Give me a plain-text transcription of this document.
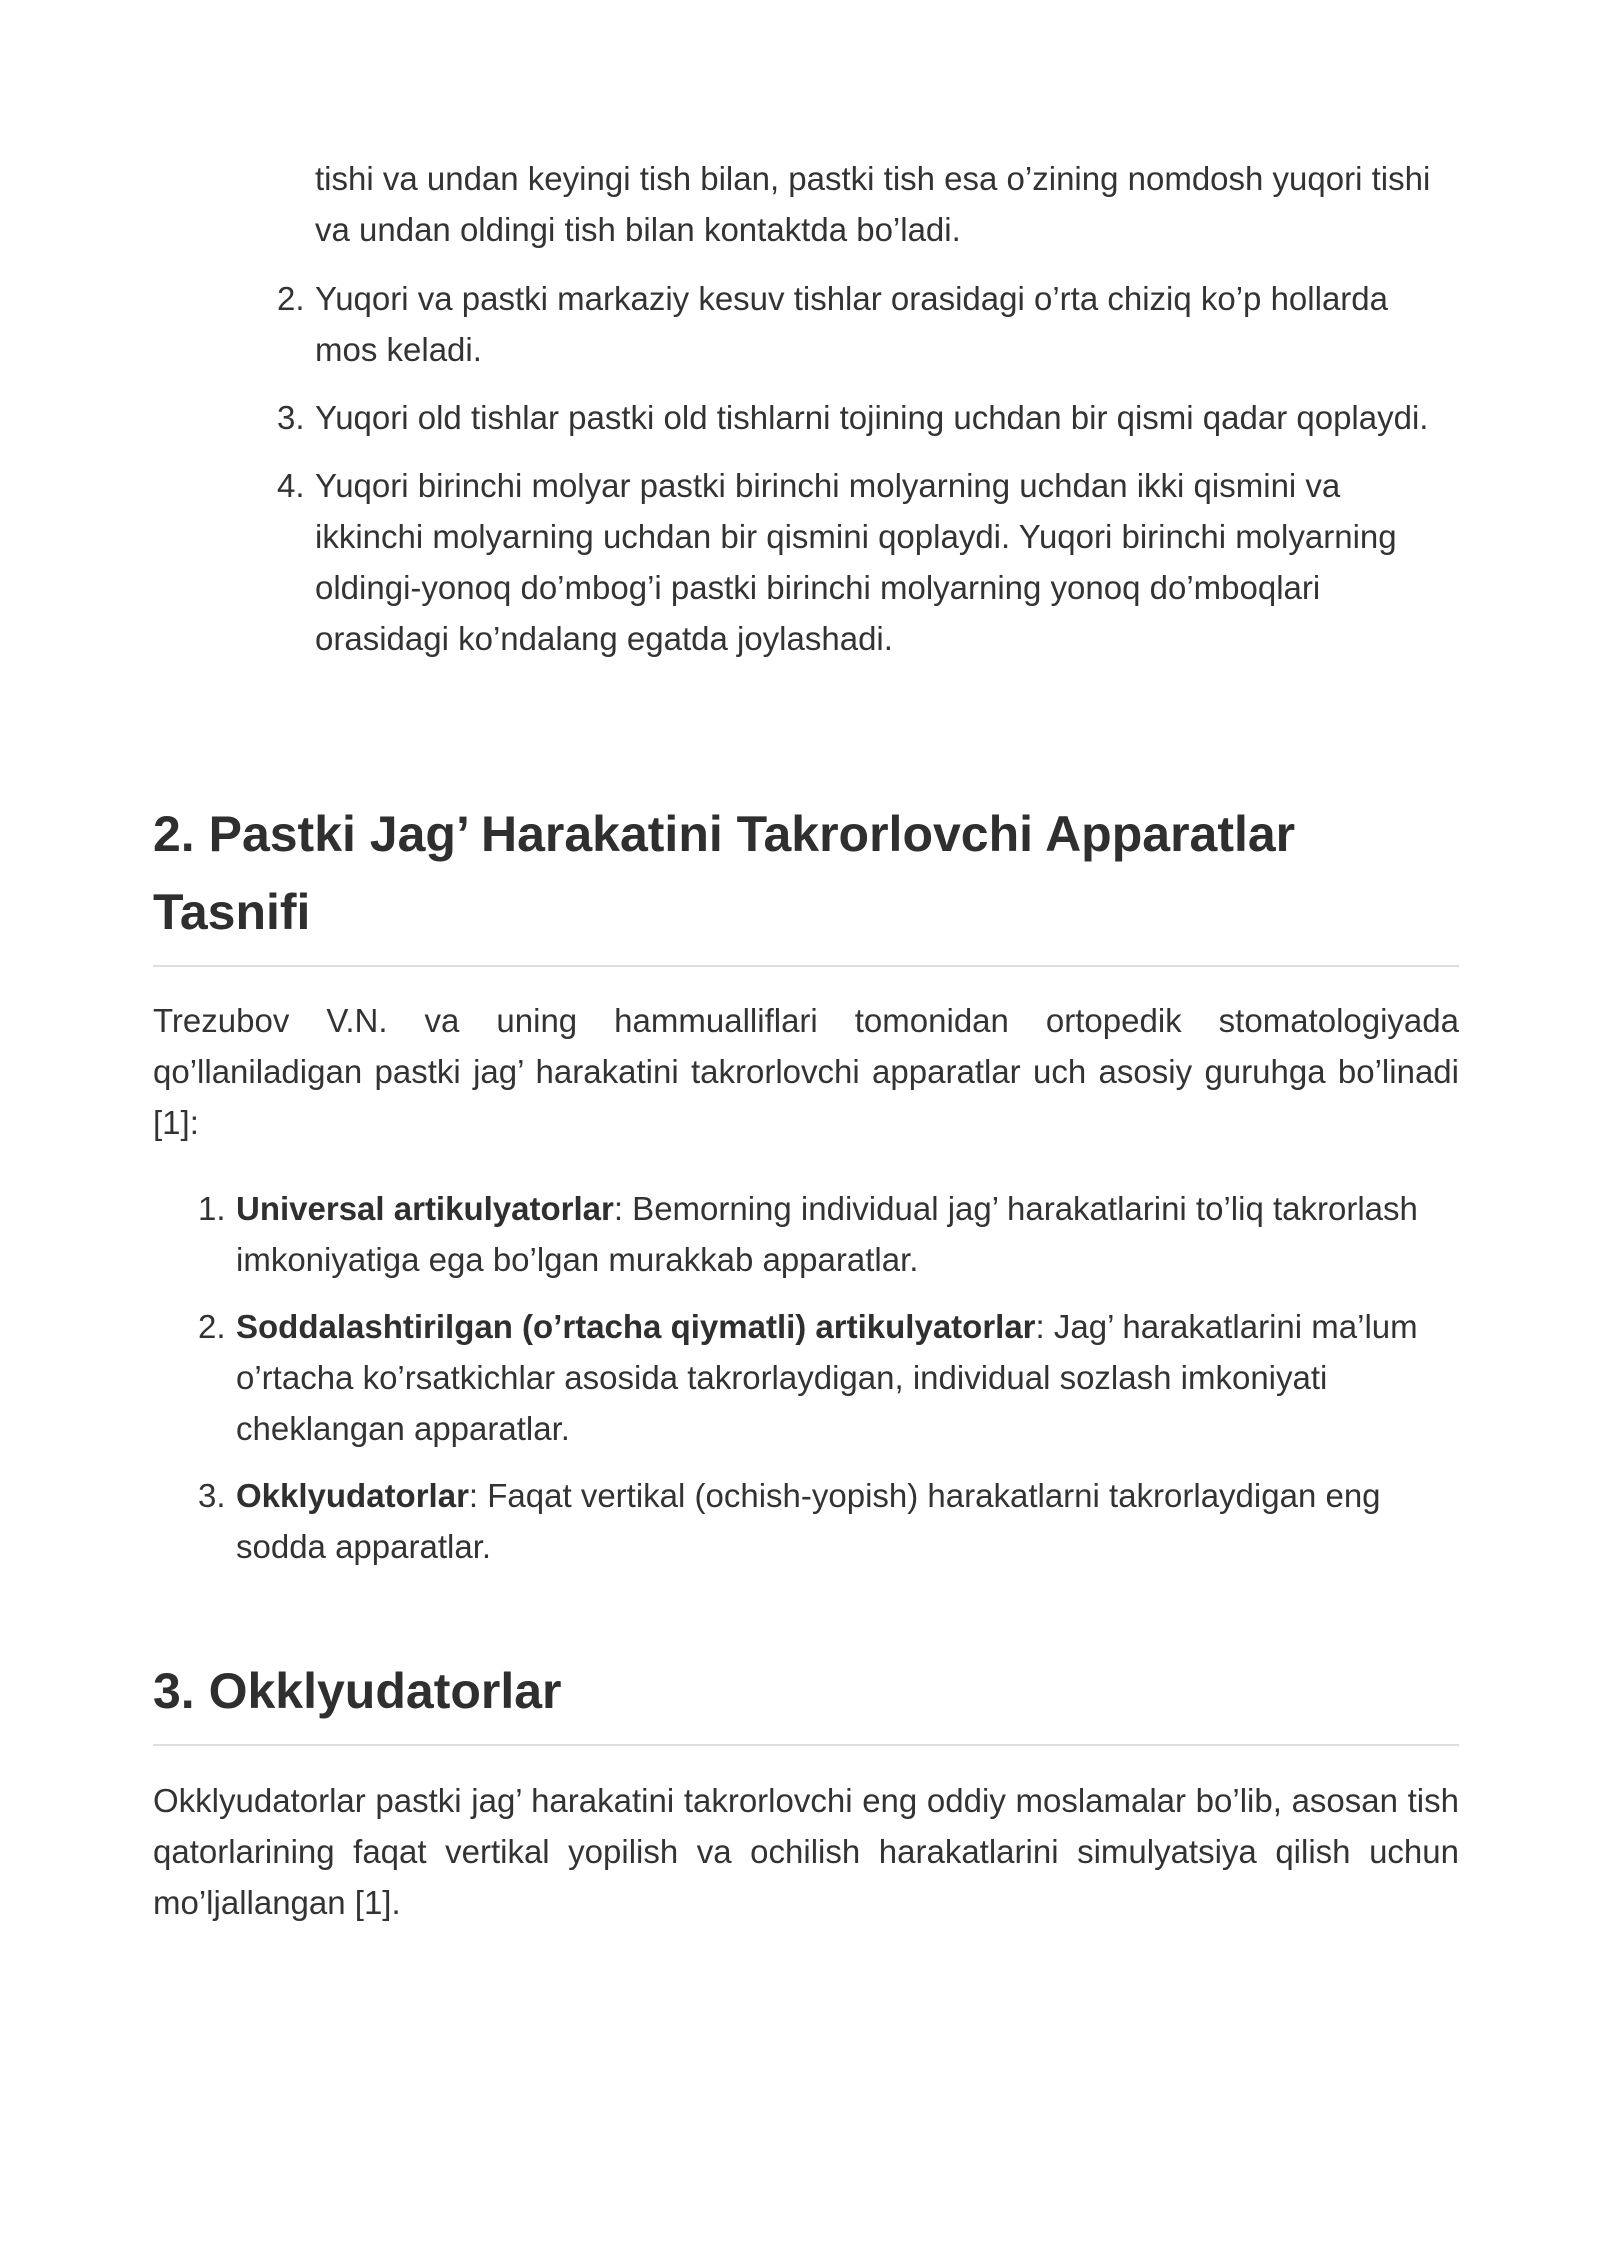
tishi va undan keyingi tish bilan, pastki tish esa o’zining nomdosh yuqori tishi va undan oldingi tish bilan kontaktda bo’ladi.

2. Yuqori va pastki markaziy kesuv tishlar orasidagi o’rta chiziq ko’p hollarda mos keladi.
3. Yuqori old tishlar pastki old tishlarni tojining uchdan bir qismi qadar qoplaydi.
4. Yuqori birinchi molyar pastki birinchi molyarning uchdan ikki qismini va ikkinchi molyarning uchdan bir qismini qoplaydi. Yuqori birinchi molyarning oldingi-yonoq do’mbog’i pastki birinchi molyarning yonoq do’mboqlari orasidagi ko’ndalang egatda joylashadi.
2. Pastki Jag’ Harakatini Takrorlovchi Apparatlar Tasnifi

Trezubov V.N. va uning hammualliflari tomonidan ortopedik stomatologiyada qo’llaniladigan pastki jag’ harakatini takrorlovchi apparatlar uch asosiy guruhga bo’linadi [1]:

1. Universal artikulyatorlar: Bemorning individual jag’ harakatlarini to’liq takrorlash imkoniyatiga ega bo’lgan murakkab apparatlar.
2. Soddalashtirilgan (o’rtacha qiymatli) artikulyatorlar: Jag’ harakatlarini ma’lum o’rtacha ko’rsatkichlar asosida takrorlaydigan, individual sozlash imkoniyati cheklangan apparatlar.
3. Okklyudatorlar: Faqat vertikal (ochish-yopish) harakatlarni takrorlaydigan eng sodda apparatlar.
3. Okklyudatorlar

Okklyudatorlar pastki jag’ harakatini takrorlovchi eng oddiy moslamalar bo’lib, asosan tish qatorlarining faqat vertikal yopilish va ochilish harakatlarini simulyatsiya qilish uchun mo’ljallangan [1].
